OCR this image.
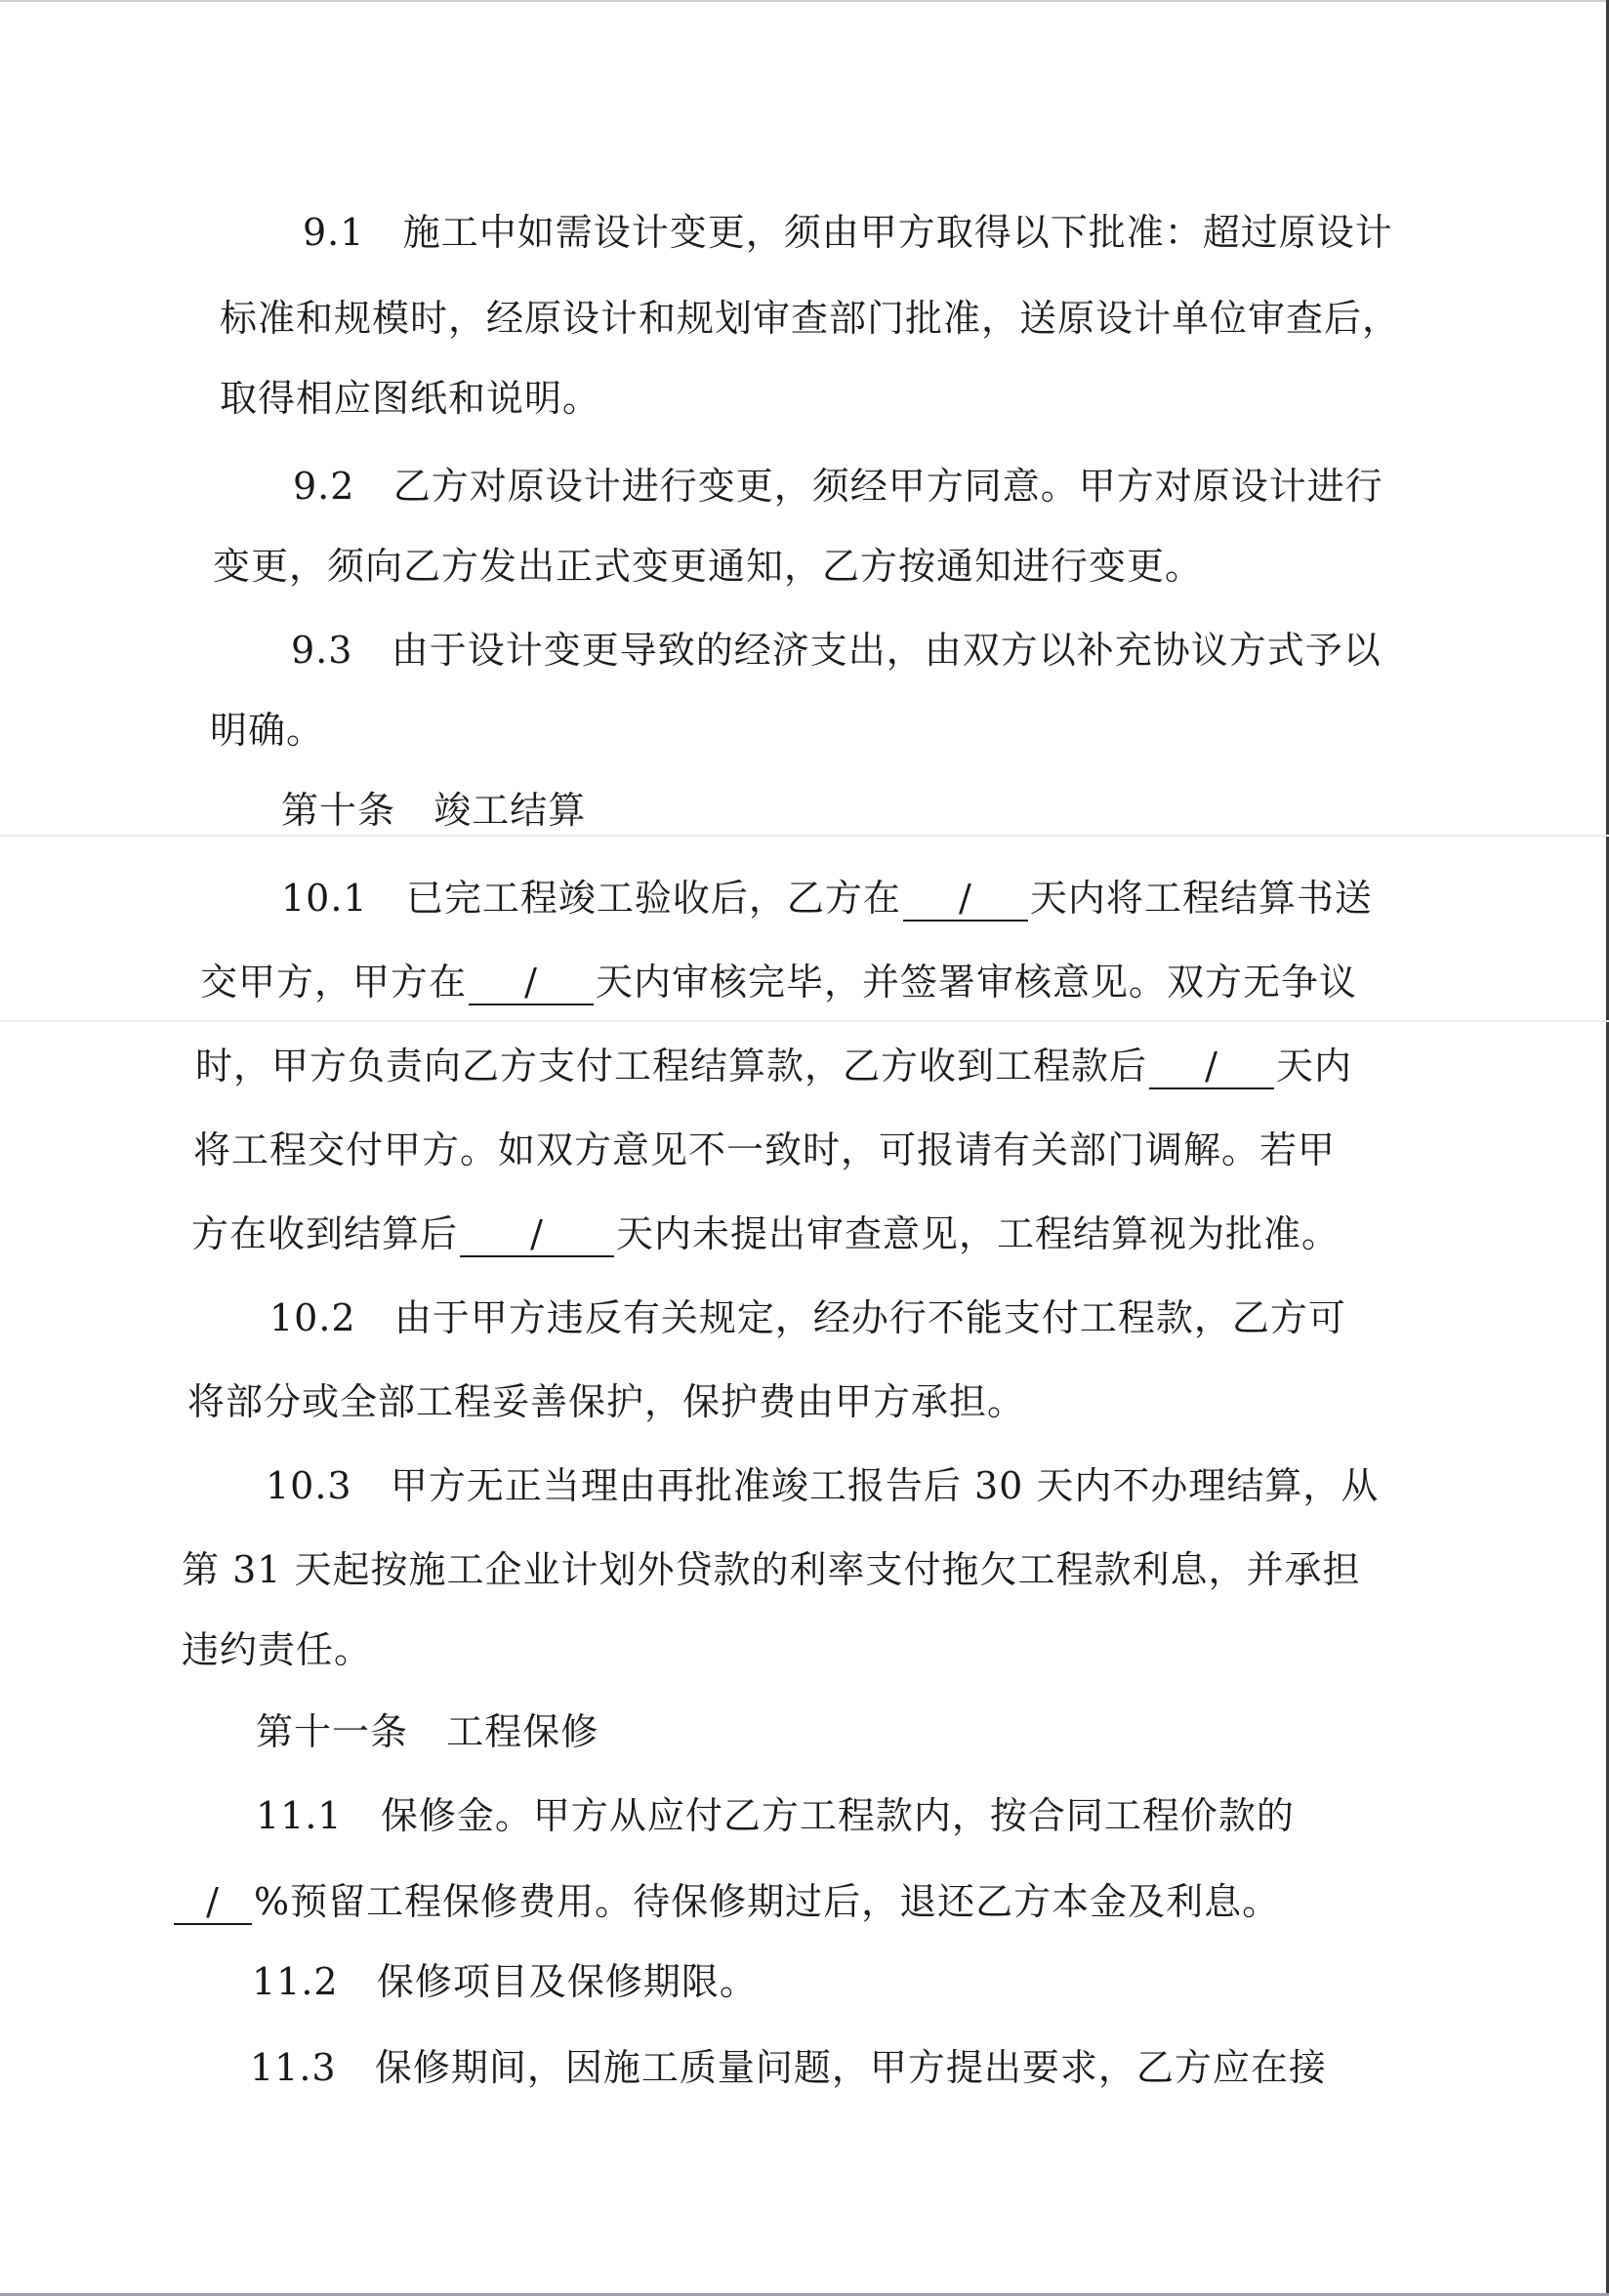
9.1 施工中如需设计变更，须由甲方取得以下批准：超过原设计
标准和规模时，经原设计和规划审查部门批准，送原设计单位审查后，
取得相应图纸和说明。
9.2 乙方对原设计进行变更，须经甲方同意。甲方对原设计进行
变更，须向乙方发出正式变更通知，乙方按通知进行变更。
9.3 由于设计变更导致的经济支出，由双方以补充协议方式予以
明确。
第十条 竣工结算
10.1 已完工程竣工验收后，乙方在 / 天内将工程结算书送
交甲方，甲方在 / 天内审核完毕，并签署审核意见。双方无争议
时，甲方负责向乙方支付工程结算款，乙方收到工程款后 / 天内
将工程交付甲方。如双方意见不一致时，可报请有关部门调解。若甲
方在收到结算后 / 天内未提出审查意见，工程结算视为批准。
10.2 由于甲方违反有关规定，经办行不能支付工程款，乙方可
将部分或全部工程妥善保护，保护费由甲方承担。
10.3 甲方无正当理由再批准竣工报告后 30 天内不办理结算，从
第 31 天起按施工企业计划外贷款的利率支付拖欠工程款利息，并承担
违约责任。
第十一条 工程保修
11.1 保修金。甲方从应付乙方工程款内，按合同工程价款的
/ %预留工程保修费用。待保修期过后，退还乙方本金及利息。
11.2 保修项目及保修期限。
11.3 保修期间，因施工质量问题，甲方提出要求，乙方应在接
